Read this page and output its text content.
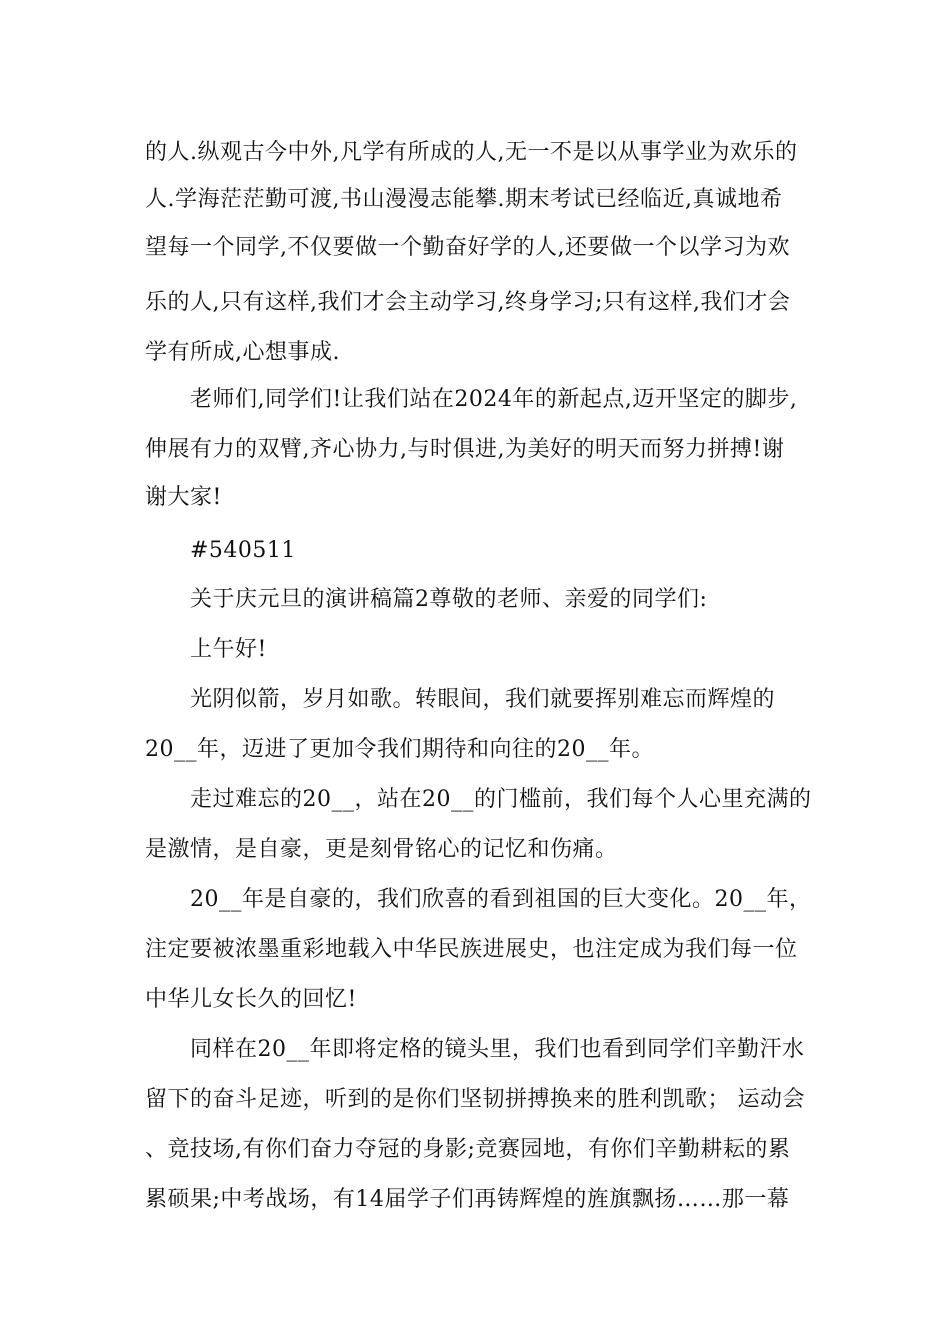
的人.纵观古今中外,凡学有所成的人,无一不是以从事学业为欢乐的
人.学海茫茫勤可渡,书山漫漫志能攀.期末考试已经临近,真诚地希
望每一个同学,不仅要做一个勤奋好学的人,还要做一个以学习为欢
乐的人,只有这样,我们才会主动学习,终身学习;只有这样,我们才会
学有所成,心想事成.
老师们,同学们!让我们站在2024年的新起点,迈开坚定的脚步,
伸展有力的双臂,齐心协力,与时俱进,为美好的明天而努力拼搏!谢
谢大家!
#540511
关于庆元旦的演讲稿篇2尊敬的老师、亲爱的同学们:
上午好!
光阴似箭，岁月如歌。转眼间，我们就要挥别难忘而辉煌的
20__年，迈进了更加令我们期待和向往的20__年。
走过难忘的20__，站在20__的门槛前，我们每个人心里充满的
是激情，是自豪，更是刻骨铭心的记忆和伤痛。
20__年是自豪的，我们欣喜的看到祖国的巨大变化。20__年，
注定要被浓墨重彩地载入中华民族进展史，也注定成为我们每一位
中华儿女长久的回忆!
同样在20__年即将定格的镜头里，我们也看到同学们辛勤汗水
留下的奋斗足迹，听到的是你们坚韧拼搏换来的胜利凯歌； 运动会
、竞技场,有你们奋力夺冠的身影;竞赛园地，有你们辛勤耕耘的累
累硕果;中考战场，有14届学子们再铸辉煌的旌旗飘扬……那一幕
